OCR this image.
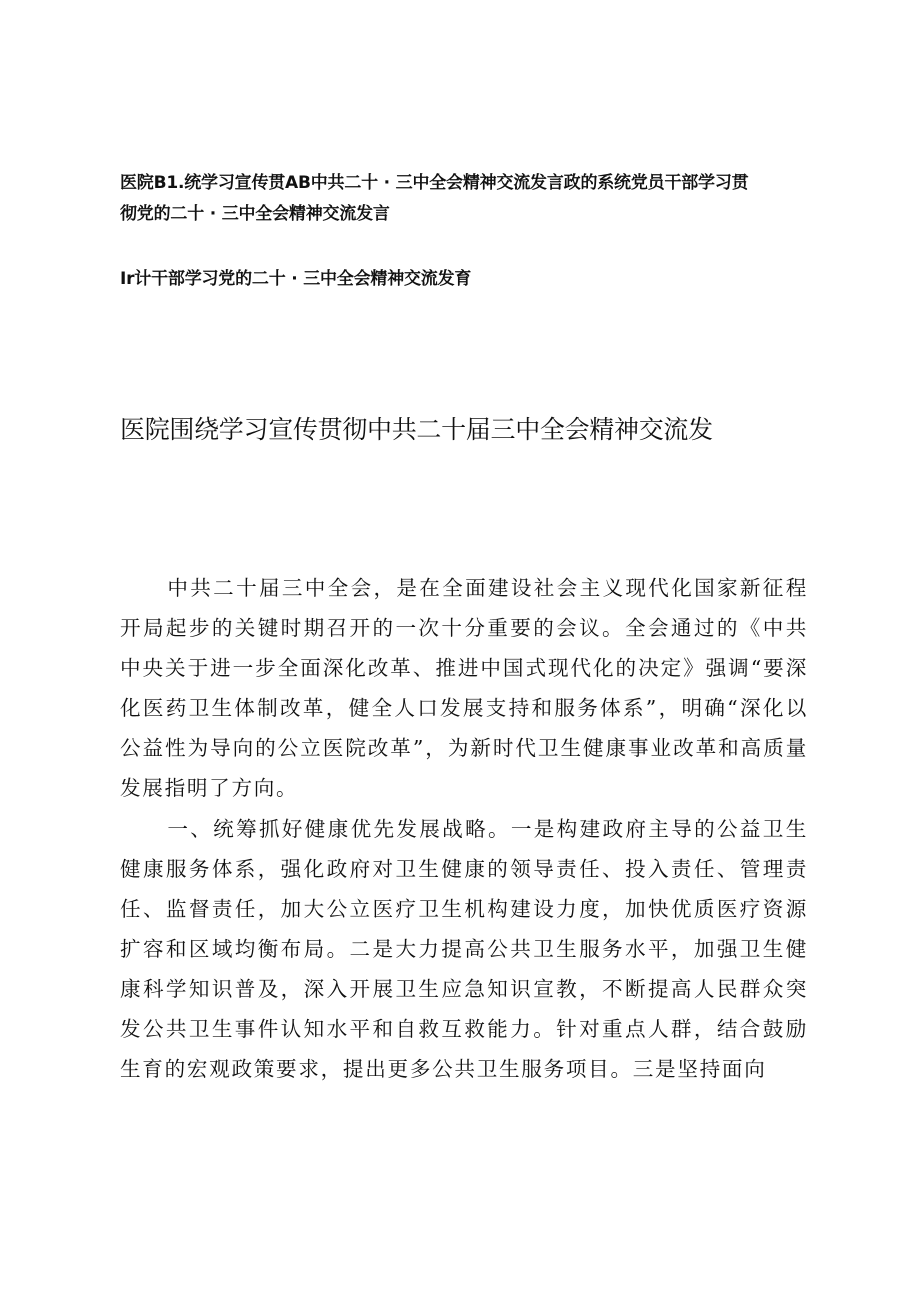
医院B1.统学习宣传贯AB中共二十 · 三中全会精神交流发言政的系统党员干部学习贯

彻党的二十 · 三中全会精神交流发言

Ir计干部学习党的二十 · 三中全会精神交流发育

医院围绕学习宣传贯彻中共二十届三中全会精神交流发

中共二十届三中全会，是在全面建设社会主义现代化国家新征程开局起步的关键时期召开的一次十分重要的会议。全会通过的《中共中央关于进一步全面深化改革、推进中国式现代化的决定》强调“要深化医药卫生体制改革，健全人口发展支持和服务体系”，明确“深化以公益性为导向的公立医院改革”，为新时代卫生健康事业改革和高质量发展指明了方向。

一、统筹抓好健康优先发展战略。一是构建政府主导的公益卫生健康服务体系，强化政府对卫生健康的领导责任、投入责任、管理责任、监督责任，加大公立医疗卫生机构建设力度，加快优质医疗资源扩容和区域均衡布局。二是大力提高公共卫生服务水平，加强卫生健康科学知识普及，深入开展卫生应急知识宣教，不断提高人民群众突发公共卫生事件认知水平和自救互救能力。针对重点人群，结合鼓励生育的宏观政策要求，提出更多公共卫生服务项目。三是坚持面向
